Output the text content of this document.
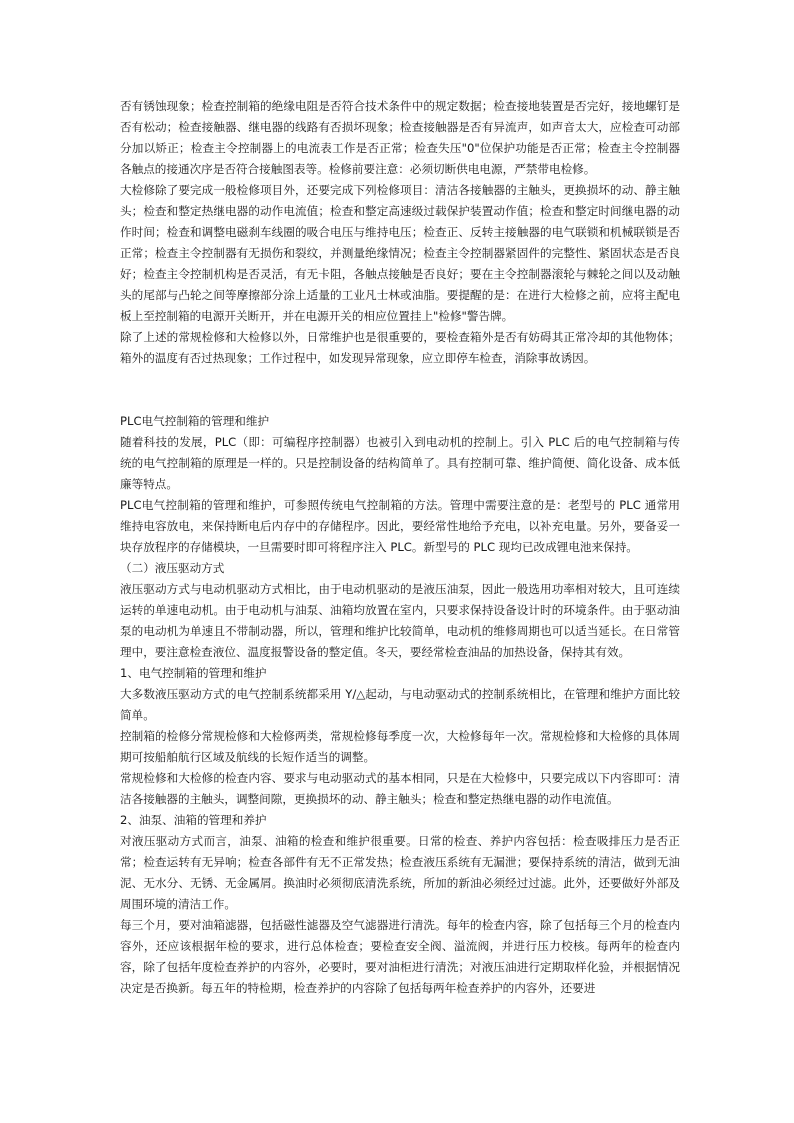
否有锈蚀现象；检查控制箱的绝缘电阻是否符合技术条件中的规定数据；检查接地装置是否完好，接地螺钉是否有松动；检查接触器、继电器的线路有否损坏现象；检查接触器是否有异流声，如声音太大，应检查可动部分加以矫正；检查主令控制器上的电流表工作是否正常；检查失压"0"位保护功能是否正常；检查主令控制器各触点的接通次序是否符合接触图表等。检修前要注意：必须切断供电电源，严禁带电检修。

大检修除了要完成一般检修项目外，还要完成下列检修项目：清洁各接触器的主触头，更换损坏的动、静主触头；检查和整定热继电器的动作电流值；检查和整定高速级过载保护装置动作值；检查和整定时间继电器的动作时间；检查和调整电磁刹车线圈的吸合电压与维持电压；检查正、反转主接触器的电气联锁和机械联锁是否正常；检查主令控制器有无损伤和裂纹，并测量绝缘情况；检查主令控制器紧固件的完整性、紧固状态是否良好；检查主令控制机构是否灵活，有无卡阻，各触点接触是否良好；要在主令控制器滚轮与棘轮之间以及动触头的尾部与凸轮之间等摩擦部分涂上适量的工业凡士林或油脂。要提醒的是：在进行大检修之前，应将主配电板上至控制箱的电源开关断开，并在电源开关的相应位置挂上"检修"警告牌。

除了上述的常规检修和大检修以外，日常维护也是很重要的，要检查箱外是否有妨碍其正常冷却的其他物体；箱外的温度有否过热现象；工作过程中，如发现异常现象，应立即停车检查，消除事故诱因。

PLC电气控制箱的管理和维护

随着科技的发展，PLC（即：可编程序控制器）也被引入到电动机的控制上。引入 PLC 后的电气控制箱与传统的电气控制箱的原理是一样的。只是控制设备的结构简单了。具有控制可靠、维护简便、简化设备、成本低廉等特点。

PLC电气控制箱的管理和维护，可参照传统电气控制箱的方法。管理中需要注意的是：老型号的 PLC 通常用维持电容放电，来保持断电后内存中的存储程序。因此，要经常性地给予充电，以补充电量。另外，要备妥一块存放程序的存储模块，一旦需要时即可将程序注入 PLC。新型号的 PLC 现均已改成锂电池来保持。

（二）液压驱动方式

液压驱动方式与电动机驱动方式相比，由于电动机驱动的是液压油泵，因此一般选用功率相对较大，且可连续运转的单速电动机。由于电动机与油泵、油箱均放置在室内，只要求保持设备设计时的环境条件。由于驱动油泵的电动机为单速且不带制动器，所以，管理和维护比较简单，电动机的维修周期也可以适当延长。在日常管理中，要注意检查液位、温度报警设备的整定值。冬天，要经常检查油品的加热设备，保持其有效。

1、电气控制箱的管理和维护

大多数液压驱动方式的电气控制系统都采用 Y/△起动，与电动驱动式的控制系统相比，在管理和维护方面比较简单。

控制箱的检修分常规检修和大检修两类，常规检修每季度一次，大检修每年一次。常规检修和大检修的具体周期可按船舶航行区域及航线的长短作适当的调整。

常规检修和大检修的检查内容、要求与电动驱动式的基本相同，只是在大检修中，只要完成以下内容即可：清洁各接触器的主触头，调整间隙，更换损坏的动、静主触头；检查和整定热继电器的动作电流值。

2、油泵、油箱的管理和养护

对液压驱动方式而言，油泵、油箱的检查和维护很重要。日常的检查、养护内容包括：检查吸排压力是否正常；检查运转有无异响；检查各部件有无不正常发热；检查液压系统有无漏泄；要保持系统的清洁，做到无油泥、无水分、无锈、无金属屑。换油时必须彻底清洗系统，所加的新油必须经过过滤。此外，还要做好外部及周围环境的清洁工作。

每三个月，要对油箱滤器，包括磁性滤器及空气滤器进行清洗。每年的检查内容，除了包括每三个月的检查内容外，还应该根据年检的要求，进行总体检查；要检查安全阀、溢流阀，并进行压力校核。每两年的检查内容，除了包括年度检查养护的内容外，必要时，要对油柜进行清洗；对液压油进行定期取样化验，并根据情况决定是否换新。每五年的特检期，检查养护的内容除了包括每两年检查养护的内容外，还要进
